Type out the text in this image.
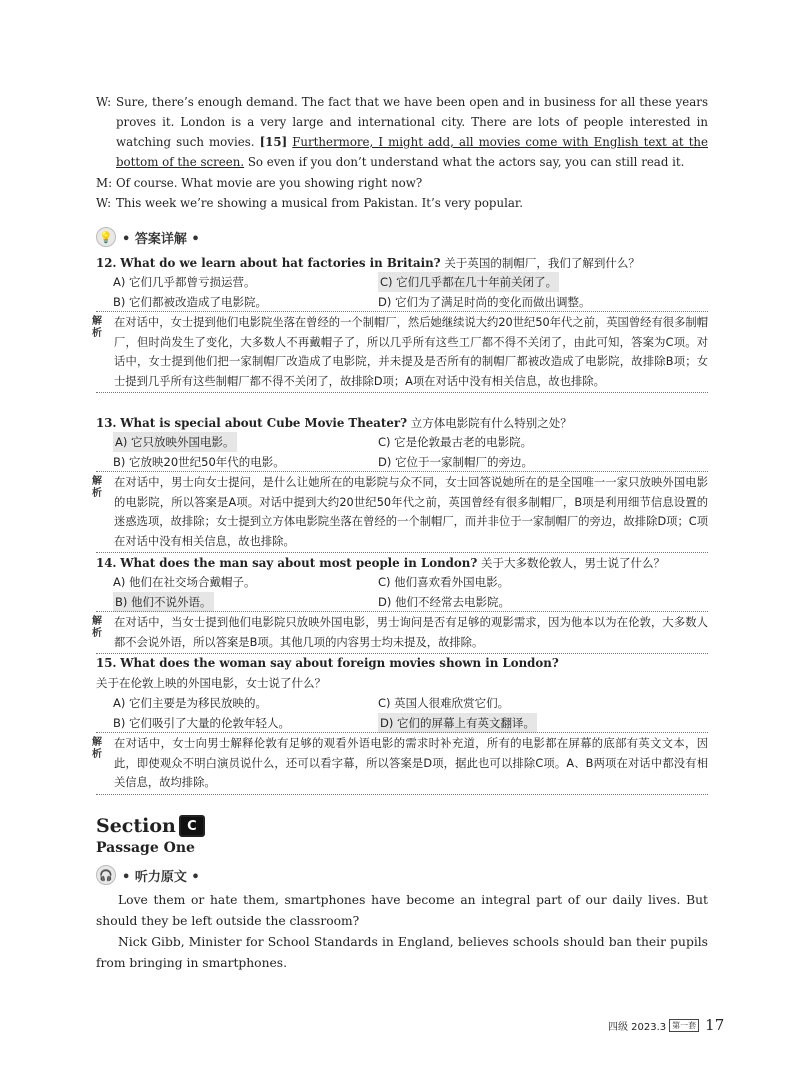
W: Sure, there’s enough demand. The fact that we have been open and in business for all these years proves it. London is a very large and international city. There are lots of people interested in watching such movies. [15] Furthermore, I might add, all movies come with English text at the bottom of the screen. So even if you don’t understand what the actors say, you can still read it.
M: Of course. What movie are you showing right now?
W: This week we’re showing a musical from Pakistan. It’s very popular.
💡 • 答案详解 •
12. What do we learn about hat factories in Britain? 关于英国的制帽厂，我们了解到什么？
A) 它们几乎都曾亏损运营。	C) 它们几乎都在几十年前关闭了。
B) 它们都被改造成了电影院。	D) 它们为了满足时尚的变化而做出调整。
解析
在对话中，女士提到他们电影院坐落在曾经的一个制帽厂，然后她继续说大约20世纪50年代之前，英国曾经有很多制帽厂，但时尚发生了变化，大多数人不再戴帽子了，所以几乎所有这些工厂都不得不关闭了，由此可知，答案为C项。对话中，女士提到他们把一家制帽厂改造成了电影院，并未提及是否所有的制帽厂都被改造成了电影院，故排除B项；女士提到几乎所有这些制帽厂都不得不关闭了，故排除D项；A项在对话中没有相关信息，故也排除。
13. What is special about Cube Movie Theater? 立方体电影院有什么特别之处？
A) 它只放映外国电影。	C) 它是伦敦最古老的电影院。
B) 它放映20世纪50年代的电影。	D) 它位于一家制帽厂的旁边。
解析
在对话中，男士向女士提问，是什么让她所在的电影院与众不同，女士回答说她所在的是全国唯一一家只放映外国电影的电影院，所以答案是A项。对话中提到大约20世纪50年代之前，英国曾经有很多制帽厂，B项是利用细节信息设置的迷惑选项，故排除；女士提到立方体电影院坐落在曾经的一个制帽厂，而并非位于一家制帽厂的旁边，故排除D项；C项在对话中没有相关信息，故也排除。
14. What does the man say about most people in London? 关于大多数伦敦人，男士说了什么？
A) 他们在社交场合戴帽子。	C) 他们喜欢看外国电影。
B) 他们不说外语。	D) 他们不经常去电影院。
解析
在对话中，当女士提到他们电影院只放映外国电影，男士询问是否有足够的观影需求，因为他本以为在伦敦，大多数人都不会说外语，所以答案是B项。其他几项的内容男士均未提及，故排除。
15. What does the woman say about foreign movies shown in London?
关于在伦敦上映的外国电影，女士说了什么？
A) 它们主要是为移民放映的。	C) 英国人很难欣赏它们。
B) 它们吸引了大量的伦敦年轻人。	D) 它们的屏幕上有英文翻译。
解析
在对话中，女士向男士解释伦敦有足够的观看外语电影的需求时补充道，所有的电影都在屏幕的底部有英文文本，因此，即使观众不明白演员说什么，还可以看字幕，所以答案是D项，据此也可以排除C项。A、B两项在对话中都没有相关信息，故均排除。
Section C
Passage One
🎧 • 听力原文 •
Love them or hate them, smartphones have become an integral part of our daily lives. But should they be left outside the classroom?
Nick Gibb, Minister for School Standards in England, believes schools should ban their pupils from bringing in smartphones.
四级 2023.3 第一套 17
